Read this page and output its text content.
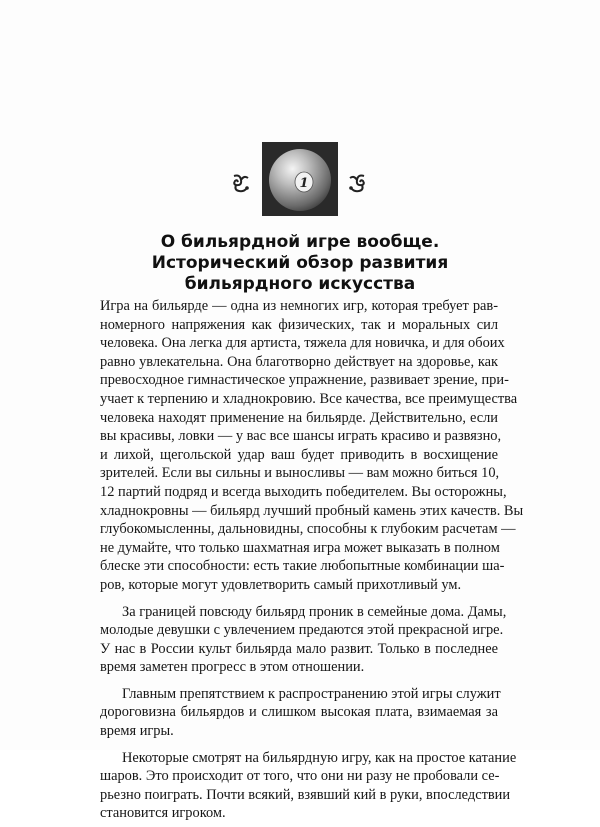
1
О бильярдной игре вообще.
Исторический обзор развития
бильярдного искусства
Игра на бильярде — одна из немногих игр, которая требует рав-
номерного напряжения как физических, так и моральных сил
человека. Она легка для артиста, тяжела для новичка, и для обоих
равно увлекательна. Она благотворно действует на здоровье, как
превосходное гимнастическое упражнение, развивает зрение, при-
учает к терпению и хладнокровию. Все качества, все преимущества
человека находят применение на бильярде. Действительно, если
вы красивы, ловки — у вас все шансы играть красиво и развязно,
и лихой, щегольской удар ваш будет приводить в восхищение
зрителей. Если вы сильны и выносливы — вам можно биться 10,
12 партий подряд и всегда выходить победителем. Вы осторожны,
хладнокровны — бильярд лучший пробный камень этих качеств. Вы
глубокомысленны, дальновидны, способны к глубоким расчетам —
не думайте, что только шахматная игра может выказать в полном
блеске эти способности: есть такие любопытные комбинации ша-
ров, которые могут удовлетворить самый прихотливый ум.
За границей повсюду бильярд проник в семейные дома. Дамы,
молодые девушки с увлечением предаются этой прекрасной игре.
У нас в России культ бильярда мало развит. Только в последнее
время заметен прогресс в этом отношении.
Главным препятствием к распространению этой игры служит
дороговизна бильярдов и слишком высокая плата, взимаемая за
время игры.
Некоторые смотрят на бильярдную игру, как на простое катание
шаров. Это происходит от того, что они ни разу не пробовали се-
рьезно поиграть. Почти всякий, взявший кий в руки, впоследствии
становится игроком.
